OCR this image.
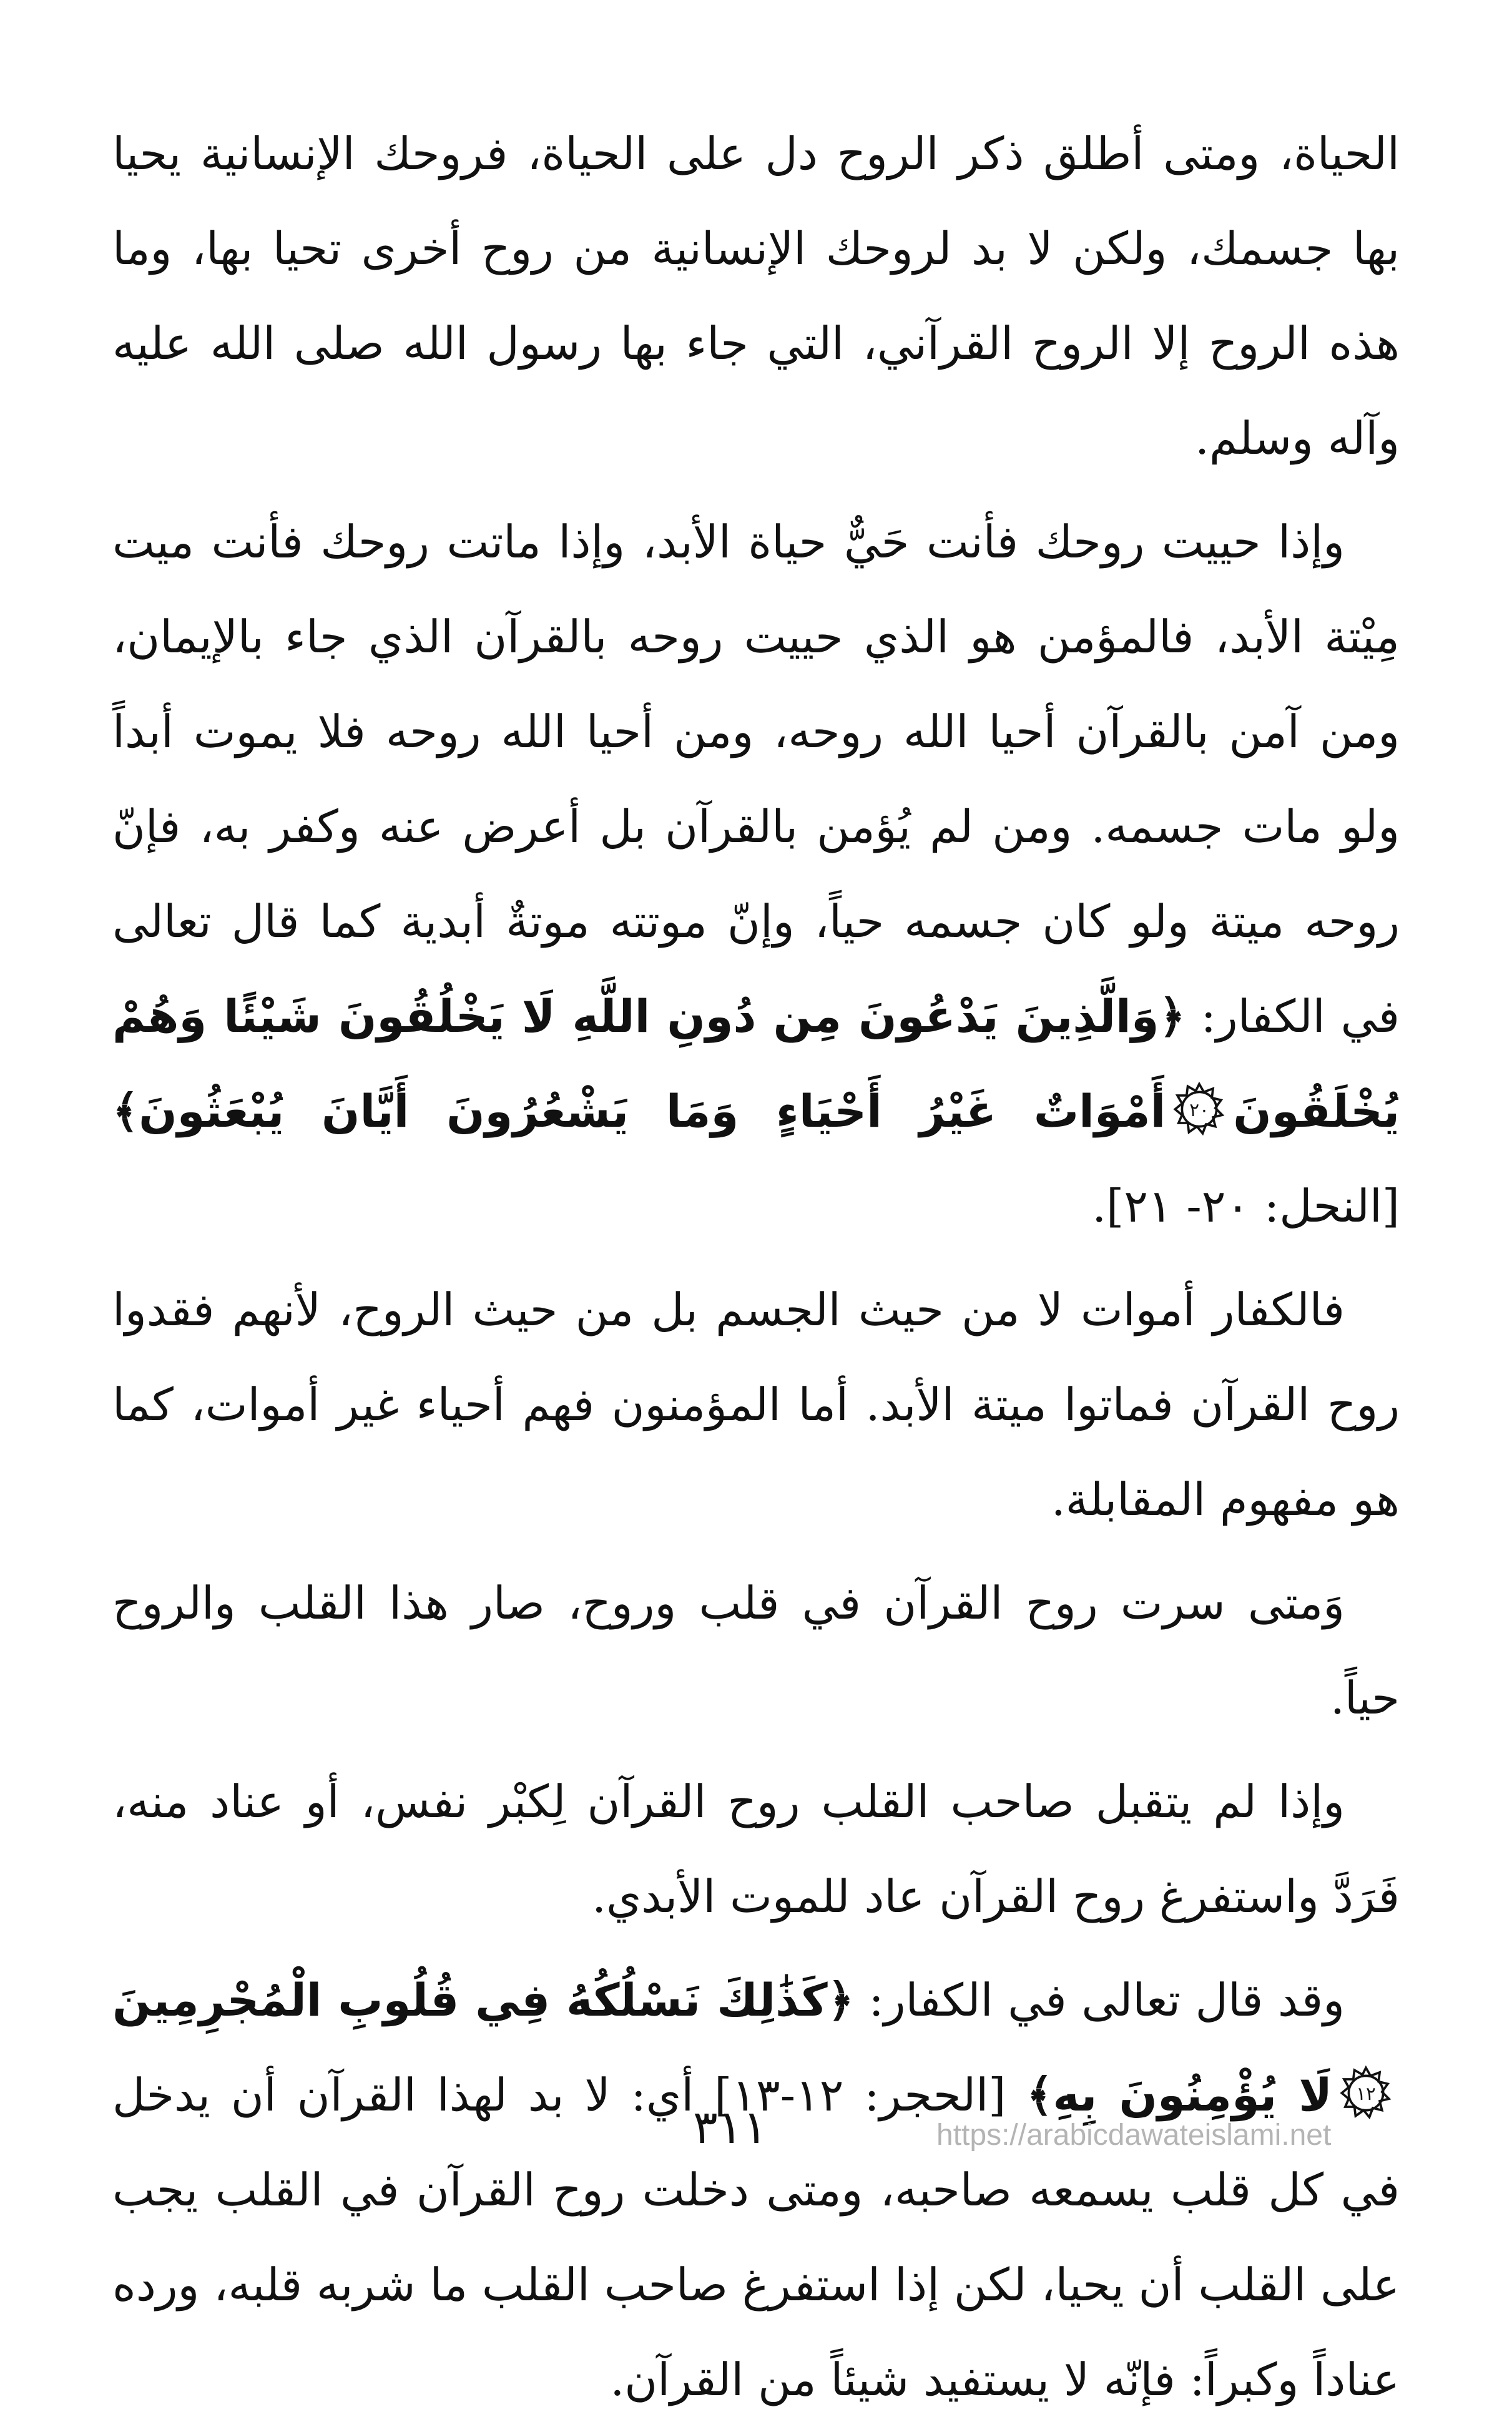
الحياة، ومتى أطلق ذكر الروح دل على الحياة، فروحك الإنسانية يحيا بها جسمك، ولكن لا بد لروحك الإنسانية من روح أخرى تحيا بها، وما هذه الروح إلا الروح القرآني، التي جاء بها رسول الله صلى الله عليه وآله وسلم.

وإذا حييت روحك فأنت حَيٌّ حياة الأبد، وإذا ماتت روحك فأنت ميت مِيْتة الأبد، فالمؤمن هو الذي حييت روحه بالقرآن الذي جاء بالإيمان، ومن آمن بالقرآن أحيا الله روحه، ومن أحيا الله روحه فلا يموت أبداً ولو مات جسمه. ومن لم يُؤمن بالقرآن بل أعرض عنه وكفر به، فإنّ روحه ميتة ولو كان جسمه حياً، وإنّ موتته موتةٌ أبدية كما قال تعالى في الكفار: ﴿وَالَّذِينَ يَدْعُونَ مِن دُونِ اللَّهِ لَا يَخْلُقُونَ شَيْئًا وَهُمْ يُخْلَقُونَ
٢٠
أَمْوَاتٌ غَيْرُ أَحْيَاءٍ وَمَا يَشْعُرُونَ أَيَّانَ يُبْعَثُونَ﴾ [النحل: ٢٠- ٢١].

فالكفار أموات لا من حيث الجسم بل من حيث الروح، لأنهم فقدوا روح القرآن فماتوا ميتة الأبد. أما المؤمنون فهم أحياء غير أموات، كما هو مفهوم المقابلة.

وَمتى سرت روح القرآن في قلب وروح، صار هذا القلب والروح حياً.

وإذا لم يتقبل صاحب القلب روح القرآن لِكبْر نفس، أو عناد منه، فَرَدَّ واستفرغ روح القرآن عاد للموت الأبدي.

وقد قال تعالى في الكفار: ﴿كَذَٰلِكَ نَسْلُكُهُ فِي قُلُوبِ الْمُجْرِمِينَ
١٢
لَا يُؤْمِنُونَ بِهِ﴾ [الحجر: ١٢-١٣] أي: لا بد لهذا القرآن أن يدخل في كل قلب يسمعه صاحبه، ومتى دخلت روح القرآن في القلب يجب على القلب أن يحيا، لكن إذا استفرغ صاحب القلب ما شربه قلبه، ورده عناداً وكبراً: فإنّه لا يستفيد شيئاً من القرآن.

٣١١	https://arabicdawateislami.net
